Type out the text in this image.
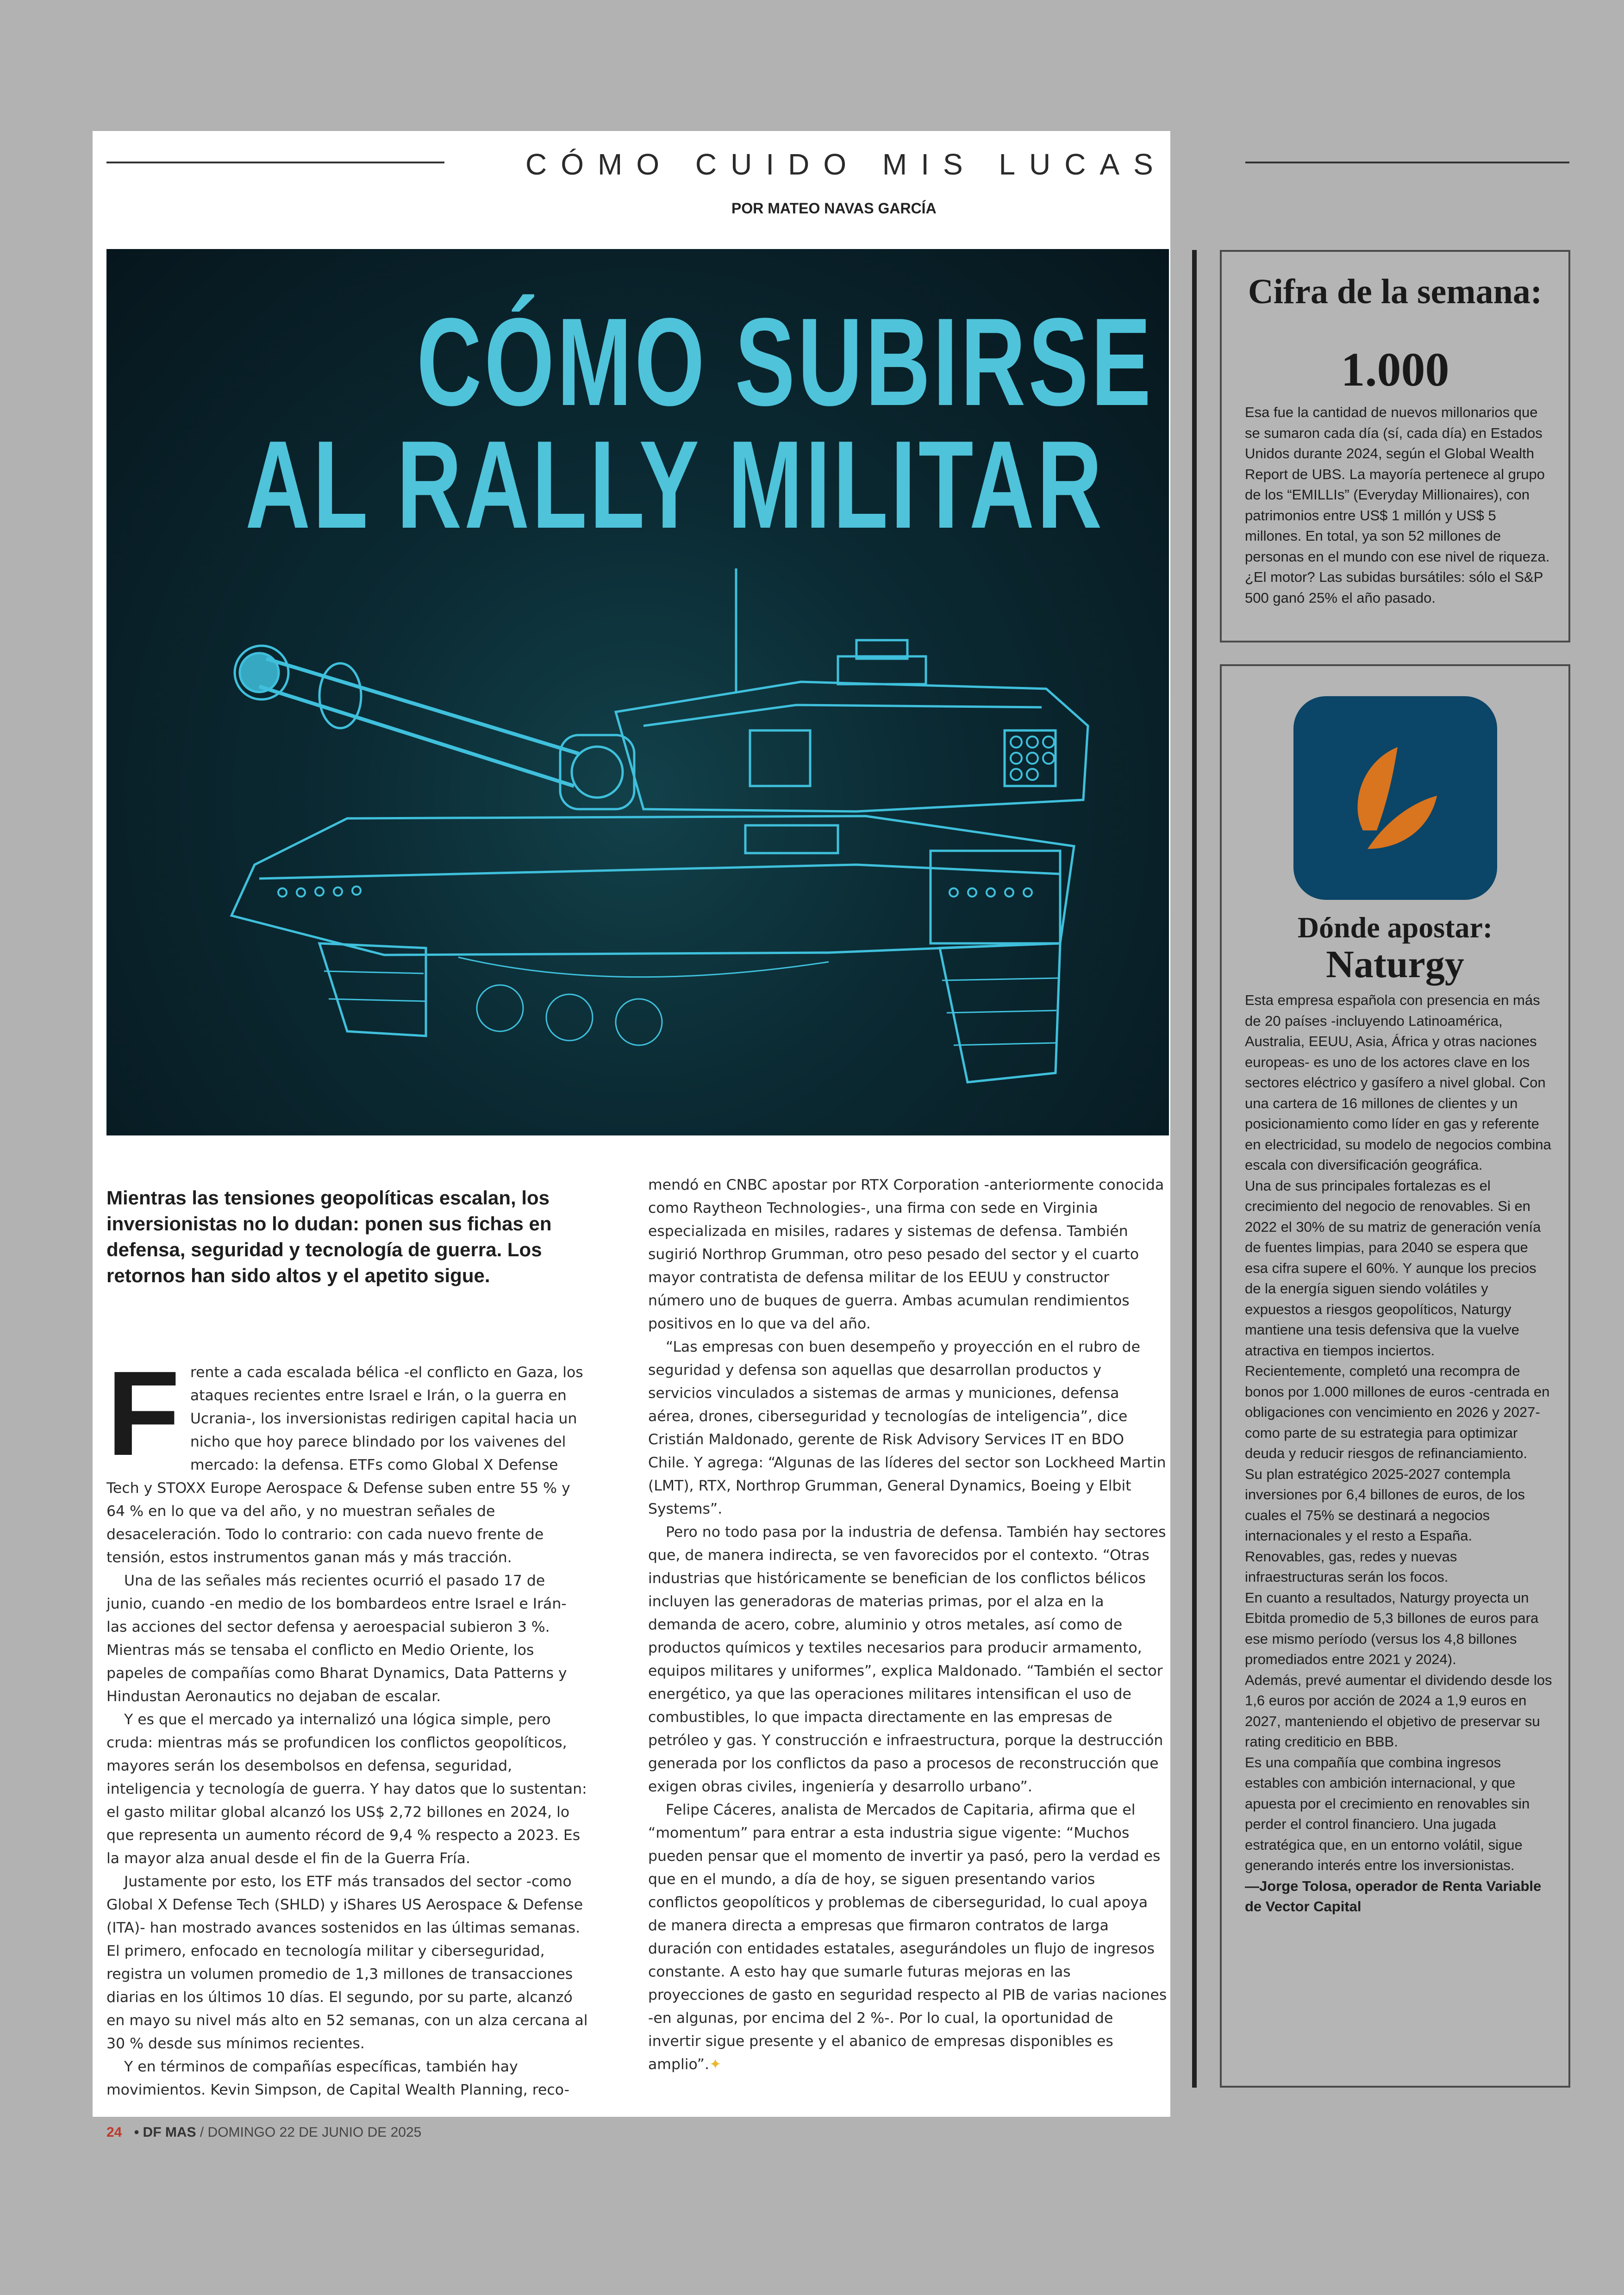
CÓMO CUIDO MIS LUCAS
POR MATEO NAVAS GARCÍA
CÓMO SUBIRSE
AL RALLY MILITAR
Mientras las tensiones geopolíticas escalan, los inversionistas no lo dudan: ponen sus fichas en defensa, seguridad y tecnología de guerra. Los retornos han sido altos y el apetito sigue.

Frente a cada escalada bélica -el conflicto en Gaza, los ataques recientes entre Israel e Irán, o la guerra en Ucrania-, los inversionistas redirigen capital hacia un nicho que hoy parece blindado por los vaivenes del mercado: la defensa. ETFs como Global X Defense Tech y STOXX Europe Aerospace & Defense suben entre 55 % y 64 % en lo que va del año, y no muestran señales de desaceleración. Todo lo contrario: con cada nuevo frente de tensión, estos instrumentos ganan más y más tracción.

Una de las señales más recientes ocurrió el pasado 17 de junio, cuando -en medio de los bombardeos entre Israel e Irán- las acciones del sector defensa y aeroespacial subieron 3 %. Mientras más se tensaba el conflicto en Medio Oriente, los papeles de compañías como Bharat Dynamics, Data Patterns y Hindustan Aeronautics no dejaban de escalar.

Y es que el mercado ya internalizó una lógica simple, pero cruda: mientras más se profundicen los conflictos geopolíticos, mayores serán los desembolsos en defensa, seguridad, inteligencia y tecnología de guerra. Y hay datos que lo sustentan: el gasto militar global alcanzó los US$ 2,72 billones en 2024, lo que representa un aumento récord de 9,4 % respecto a 2023. Es la mayor alza anual desde el fin de la Guerra Fría.

Justamente por esto, los ETF más transados del sector -como Global X Defense Tech (SHLD) y iShares US Aerospace & Defense (ITA)- han mostrado avances sostenidos en las últimas semanas. El primero, enfocado en tecnología militar y ciberseguridad, registra un volumen promedio de 1,3 millones de transacciones diarias en los últimos 10 días. El segundo, por su parte, alcanzó en mayo su nivel más alto en 52 semanas, con un alza cercana al 30 % desde sus mínimos recientes.

Y en términos de compañías específicas, también hay movimientos. Kevin Simpson, de Capital Wealth Planning, reco-

mendó en CNBC apostar por RTX Corporation -anteriormente conocida como Raytheon Technologies-, una firma con sede en Virginia especializada en misiles, radares y sistemas de defensa. También sugirió Northrop Grumman, otro peso pesado del sector y el cuarto mayor contratista de defensa militar de los EEUU y constructor número uno de buques de guerra. Ambas acumulan rendimientos positivos en lo que va del año.

“Las empresas con buen desempeño y proyección en el rubro de seguridad y defensa son aquellas que desarrollan productos y servicios vinculados a sistemas de armas y municiones, defensa aérea, drones, ciberseguridad y tecnologías de inteligencia”, dice Cristián Maldonado, gerente de Risk Advisory Services IT en BDO Chile. Y agrega: “Algunas de las líderes del sector son Lockheed Martin (LMT), RTX, Northrop Grumman, General Dynamics, Boeing y Elbit Systems”.

Pero no todo pasa por la industria de defensa. También hay sectores que, de manera indirecta, se ven favorecidos por el contexto. “Otras industrias que históricamente se benefician de los conflictos bélicos incluyen las generadoras de materias primas, por el alza en la demanda de acero, cobre, aluminio y otros metales, así como de productos químicos y textiles necesarios para producir armamento, equipos militares y uniformes”, explica Maldonado. “También el sector energético, ya que las operaciones militares intensifican el uso de combustibles, lo que impacta directamente en las empresas de petróleo y gas. Y construcción e infraestructura, porque la destrucción generada por los conflictos da paso a procesos de reconstrucción que exigen obras civiles, ingeniería y desarrollo urbano”.

Felipe Cáceres, analista de Mercados de Capitaria, afirma que el “momentum” para entrar a esta industria sigue vigente: “Muchos pueden pensar que el momento de invertir ya pasó, pero la verdad es que en el mundo, a día de hoy, se siguen presentando varios conflictos geopolíticos y problemas de ciberseguridad, lo cual apoya de manera directa a empresas que firmaron contratos de larga duración con entidades estatales, asegurándoles un flujo de ingresos constante. A esto hay que sumarle futuras mejoras en las proyecciones de gasto en seguridad respecto al PIB de varias naciones -en algunas, por encima del 2 %-. Por lo cual, la oportunidad de invertir sigue presente y el abanico de empresas disponibles es amplio”.✦

24 • DF MAS / DOMINGO 22 DE JUNIO DE 2025
Cifra de la semana:
1.000

Esa fue la cantidad de nuevos millonarios que se sumaron cada día (sí, cada día) en Estados Unidos durante 2024, según el Global Wealth Report de UBS. La mayoría pertenece al grupo de los “EMILLIs” (Everyday Millionaires), con patrimonios entre US$ 1 millón y US$ 5 millones. En total, ya son 52 millones de personas en el mundo con ese nivel de riqueza. ¿El motor? Las subidas bursátiles: sólo el S&P 500 ganó 25% el año pasado.

Dónde apostar:
Naturgy

Esta empresa española con presencia en más de 20 países -incluyendo Latinoamérica, Australia, EEUU, Asia, África y otras naciones europeas- es uno de los actores clave en los sectores eléctrico y gasífero a nivel global. Con una cartera de 16 millones de clientes y un posicionamiento como líder en gas y referente en electricidad, su modelo de negocios combina escala con diversificación geográfica.

Una de sus principales fortalezas es el crecimiento del negocio de renovables. Si en 2022 el 30% de su matriz de generación venía de fuentes limpias, para 2040 se espera que esa cifra supere el 60%. Y aunque los precios de la energía siguen siendo volátiles y expuestos a riesgos geopolíticos, Naturgy mantiene una tesis defensiva que la vuelve atractiva en tiempos inciertos.

Recientemente, completó una recompra de bonos por 1.000 millones de euros -centrada en obligaciones con vencimiento en 2026 y 2027- como parte de su estrategia para optimizar deuda y reducir riesgos de refinanciamiento.

Su plan estratégico 2025-2027 contempla inversiones por 6,4 billones de euros, de los cuales el 75% se destinará a negocios internacionales y el resto a España. Renovables, gas, redes y nuevas infraestructuras serán los focos.

En cuanto a resultados, Naturgy proyecta un Ebitda promedio de 5,3 billones de euros para ese mismo período (versus los 4,8 billones promediados entre 2021 y 2024).

Además, prevé aumentar el dividendo desde los 1,6 euros por acción de 2024 a 1,9 euros en 2027, manteniendo el objetivo de preservar su rating crediticio en BBB.

Es una compañía que combina ingresos estables con ambición internacional, y que apuesta por el crecimiento en renovables sin perder el control financiero. Una jugada estratégica que, en un entorno volátil, sigue generando interés entre los inversionistas.

—Jorge Tolosa, operador de Renta Variable de Vector Capital
